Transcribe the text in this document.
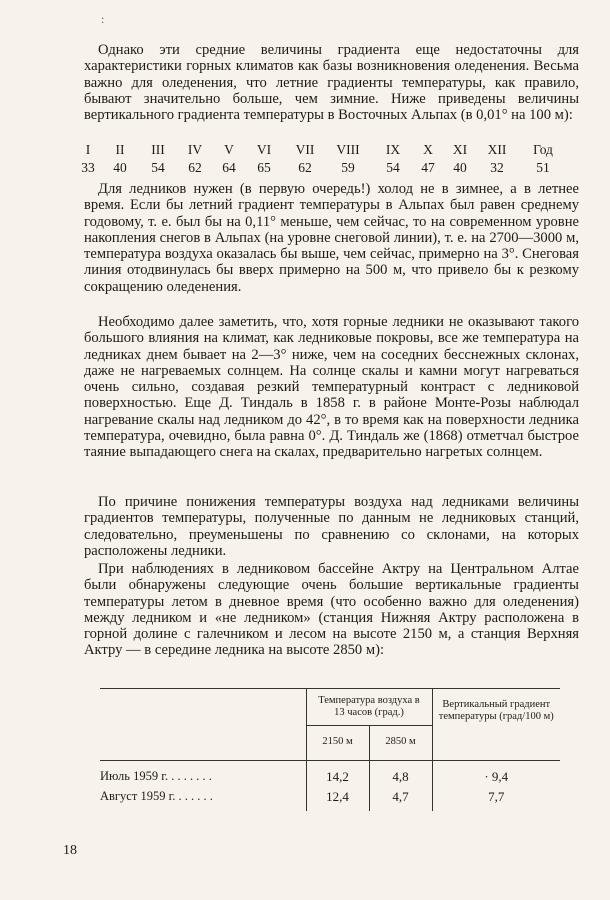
:

Однако эти средние величины градиента еще недостаточны для характеристики горных климатов как базы возникновения оледенения. Весьма важно для оледенения, что летние градиенты температуры, как правило, бывают значительно больше, чем зимние. Ниже приведены величины вертикального градиента температуры в Восточных Альпах (в 0,01° на 100 м):

I II III IV V VI VII VIII IX X XI XII Год
33 40 54 62 64 65 62 59 54 47 40 32 51

Для ледников нужен (в первую очередь!) холод не в зимнее, а в летнее время. Если бы летний градиент температуры в Альпах был равен среднему годовому, т. е. был бы на 0,11° меньше, чем сейчас, то на современном уровне накопления снегов в Альпах (на уровне снеговой линии), т. е. на 2700—3000 м, температура воздуха оказалась бы выше, чем сейчас, примерно на 3°. Снеговая линия отодвинулась бы вверх примерно на 500 м, что привело бы к резкому сокращению оледенения.

Необходимо далее заметить, что, хотя горные ледники не оказывают такого большого влияния на климат, как ледниковые покровы, все же температура на ледниках днем бывает на 2—3° ниже, чем на соседних бесснежных склонах, даже не нагреваемых солнцем. На солнце скалы и камни могут нагреваться очень сильно, создавая резкий температурный контраст с ледниковой поверхностью. Еще Д. Тиндаль в 1858 г. в районе Монте-Розы наблюдал нагревание скалы над ледником до 42°, в то время как на поверхности ледника температура, очевидно, была равна 0°. Д. Тиндаль же (1868) отметчал быстрое таяние выпадающего снега на скалах, предварительно нагретых солнцем.

По причине понижения температуры воздуха над ледниками величины градиентов температуры, полученные по данным не ледниковых станций, следовательно, преуменьшены по сравнению со склонами, на которых расположены ледники.

При наблюдениях в ледниковом бассейне Актру на Центральном Алтае были обнаружены следующие очень большие вертикальные градиенты температуры летом в дневное время (что особенно важно для оледенения) между ледником и «не ледником» (станция Нижняя Актру расположена в горной долине с галечником и лесом на высоте 2150 м, а станция Верхняя Актру — в середине ледника на высоте 2850 м):

	Температура воздуха в 13 часов (град.)		Вертикальный градиент температуры (град/100 м)
	2150 м	2850 м	
Июль 1959 г. . . . . . . .	14,2	4,8	· 9,4
Август 1959 г. . . . . . .	12,4	4,7	7,7
18
